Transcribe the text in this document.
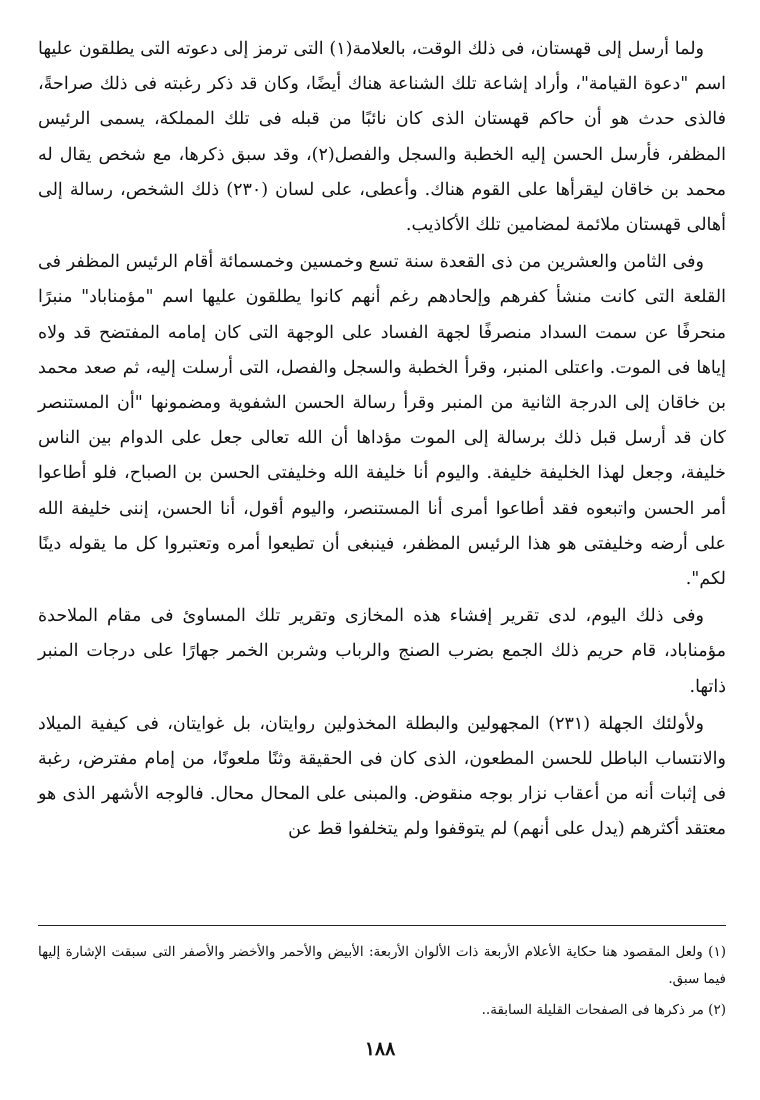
ولما أرسل إلى قهستان، فى ذلك الوقت، بالعلامة(١) التى ترمز إلى دعوته التى يطلقون عليها اسم "دعوة القيامة"، وأراد إشاعة تلك الشناعة هناك أيضًا، وكان قد ذكر رغبته فى ذلك صراحةً، فالذى حدث هو أن حاكم قهستان الذى كان نائبًا من قبله فى تلك المملكة، يسمى الرئيس المظفر، فأرسل الحسن إليه الخطبة والسجل والفصل(٢)، وقد سبق ذكرها، مع شخص يقال له محمد بن خاقان ليقرأها على القوم هناك. وأعطى، على لسان (٢٣٠) ذلك الشخص، رسالة إلى أهالى قهستان ملائمة لمضامين تلك الأكاذيب.

وفى الثامن والعشرين من ذى القعدة سنة تسع وخمسين وخمسمائة أقام الرئيس المظفر فى القلعة التى كانت منشأ كفرهم وإلحادهم رغم أنهم كانوا يطلقون عليها اسم "مؤمناباد" منبرًا منحرفًا عن سمت السداد منصرفًا لجهة الفساد على الوجهة التى كان إمامه المفتضح قد ولاه إياها فى الموت. واعتلى المنبر، وقرأ الخطبة والسجل والفصل، التى أرسلت إليه، ثم صعد محمد بن خاقان إلى الدرجة الثانية من المنبر وقرأ رسالة الحسن الشفوية ومضمونها "أن المستنصر كان قد أرسل قبل ذلك برسالة إلى الموت مؤداها أن الله تعالى جعل على الدوام بين الناس خليفة، وجعل لهذا الخليفة خليفة. واليوم أنا خليفة الله وخليفتى الحسن بن الصباح، فلو أطاعوا أمر الحسن واتبعوه فقد أطاعوا أمرى أنا المستنصر، واليوم أقول، أنا الحسن، إننى خليفة الله على أرضه وخليفتى هو هذا الرئيس المظفر، فينبغى أن تطيعوا أمره وتعتبروا كل ما يقوله دينًا لكم".

وفى ذلك اليوم، لدى تقرير إفشاء هذه المخازى وتقرير تلك المساوئ فى مقام الملاحدة مؤمناباد، قام حريم ذلك الجمع بضرب الصنج والرباب وشربن الخمر جهارًا على درجات المنبر ذاتها.

ولأولئك الجهلة (٢٣١) المجهولين والبطلة المخذولين روايتان، بل غوايتان، فى كيفية الميلاد والانتساب الباطل للحسن المطعون، الذى كان فى الحقيقة وثنًا ملعونًا، من إمام مفترض، رغبة فى إثبات أنه من أعقاب نزار بوجه منقوض. والمبنى على المحال محال. فالوجه الأشهر الذى هو معتقد أكثرهم (يدل على أنهم) لم يتوقفوا ولم يتخلفوا قط عن

(١) ولعل المقصود هنا حكاية الأعلام الأربعة ذات الألوان الأربعة: الأبيض والأحمر والأخضر والأصفر التى سبقت الإشارة إليها فيما سبق.

(٢) مر ذكرها فى الصفحات القليلة السابقة..

١٨٨
